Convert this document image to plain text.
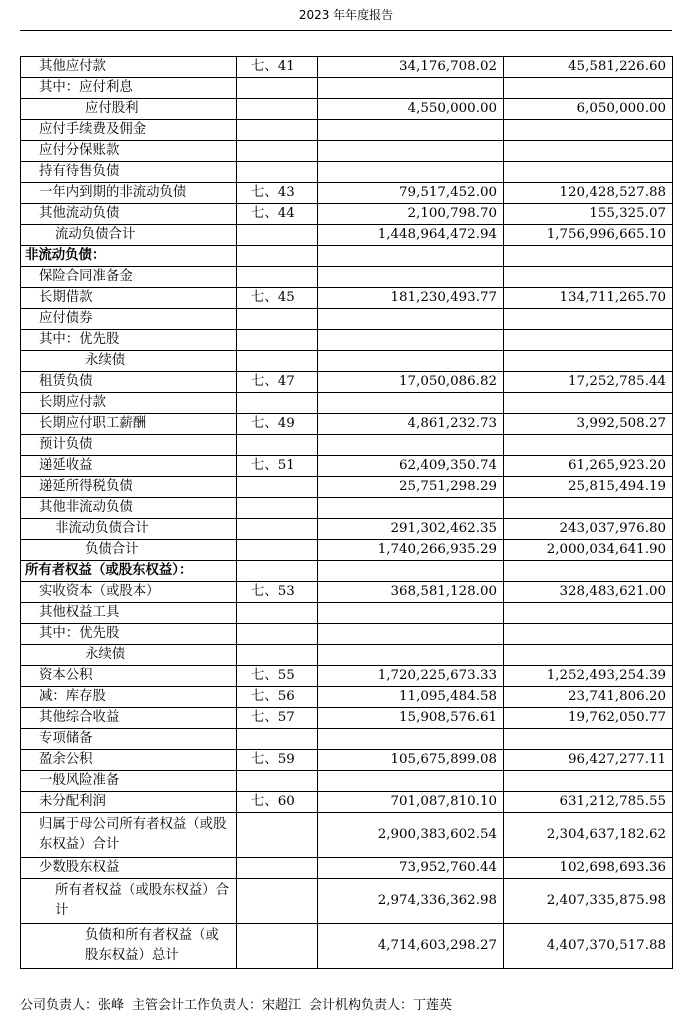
2023 年年度报告
其他应付款	七、41	34,176,708.02	45,581,226.60
其中：应付利息			
应付股利		4,550,000.00	6,050,000.00
应付手续费及佣金			
应付分保账款			
持有待售负债			
一年内到期的非流动负债	七、43	79,517,452.00	120,428,527.88
其他流动负债	七、44	2,100,798.70	155,325.07
流动负债合计		1,448,964,472.94	1,756,996,665.10
非流动负债：			
保险合同准备金			
长期借款	七、45	181,230,493.77	134,711,265.70
应付债券			
其中：优先股			
永续债			
租赁负债	七、47	17,050,086.82	17,252,785.44
长期应付款			
长期应付职工薪酬	七、49	4,861,232.73	3,992,508.27
预计负债			
递延收益	七、51	62,409,350.74	61,265,923.20
递延所得税负债		25,751,298.29	25,815,494.19
其他非流动负债			
非流动负债合计		291,302,462.35	243,037,976.80
负债合计		1,740,266,935.29	2,000,034,641.90
所有者权益（或股东权益）：			
实收资本（或股本）	七、53	368,581,128.00	328,483,621.00
其他权益工具			
其中：优先股			
永续债			
资本公积	七、55	1,720,225,673.33	1,252,493,254.39
减：库存股	七、56	11,095,484.58	23,741,806.20
其他综合收益	七、57	15,908,576.61	19,762,050.77
专项储备			
盈余公积	七、59	105,675,899.08	96,427,277.11
一般风险准备			
未分配利润	七、60	701,087,810.10	631,212,785.55
归属于母公司所有者权益（或股东权益）合计		2,900,383,602.54	2,304,637,182.62
少数股东权益		73,952,760.44	102,698,693.36
所有者权益（或股东权益）合计		2,974,336,362.98	2,407,335,875.98
负债和所有者权益（或股东权益）总计		4,714,603,298.27	4,407,370,517.88
公司负责人：张峰 主管会计工作负责人：宋超江 会计机构负责人：丁莲英
